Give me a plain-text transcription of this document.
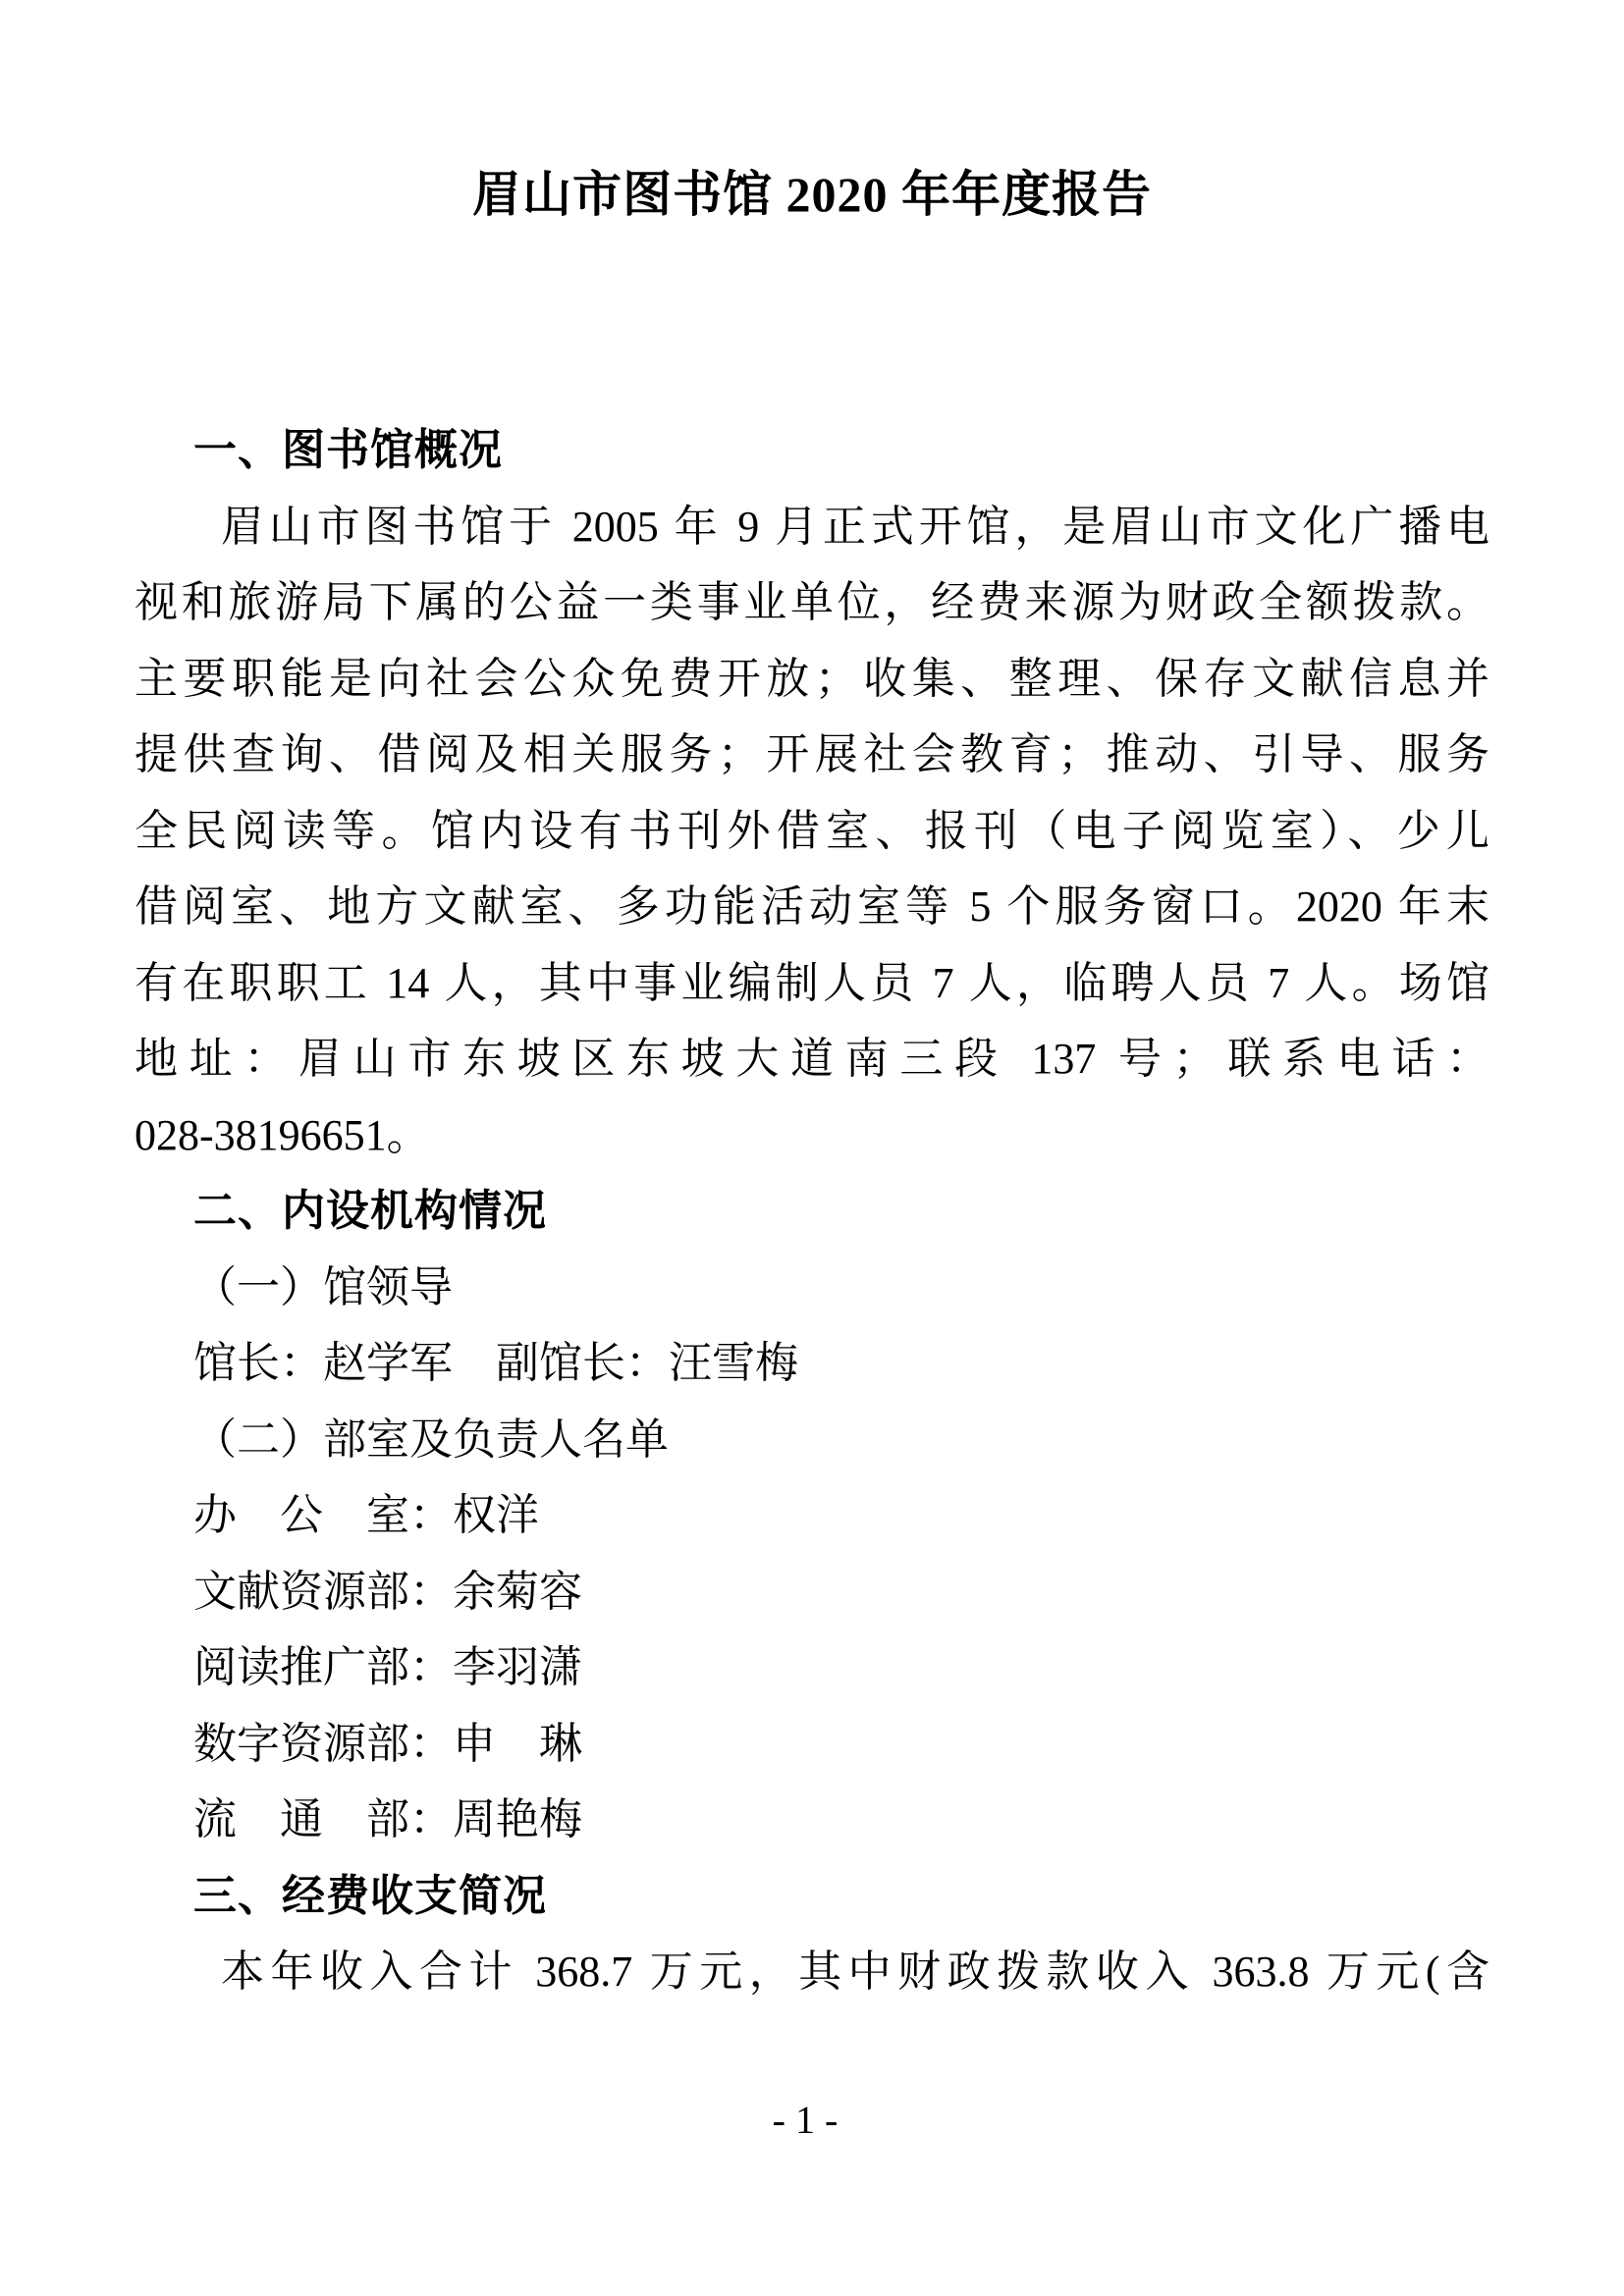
眉山市图书馆 2020 年年度报告
一、图书馆概况
眉山市图书馆于 2005 年 9 月正式开馆，是眉山市文化广播电
视和旅游局下属的公益一类事业单位，经费来源为财政全额拨款。
主要职能是向社会公众免费开放；收集、整理、保存文献信息并
提供查询、借阅及相关服务；开展社会教育；推动、引导、服务
全民阅读等。馆内设有书刊外借室、报刊（电子阅览室）、少儿
借阅室、地方文献室、多功能活动室等 5 个服务窗口。2020 年末
有在职职工 14 人，其中事业编制人员 7 人，临聘人员 7 人。场馆
地址：眉山市东坡区东坡大道南三段 137 号；联系电话：
028-38196651。
二、内设机构情况
（一）馆领导
馆长：赵学军　副馆长：汪雪梅
（二）部室及负责人名单
办　公　室：权洋
文献资源部：余菊容
阅读推广部：李羽潇
数字资源部：申　琳
流　通　部：周艳梅
三、经费收支简况
本年收入合计 368.7 万元，其中财政拨款收入 363.8 万元(含
- 1 -
